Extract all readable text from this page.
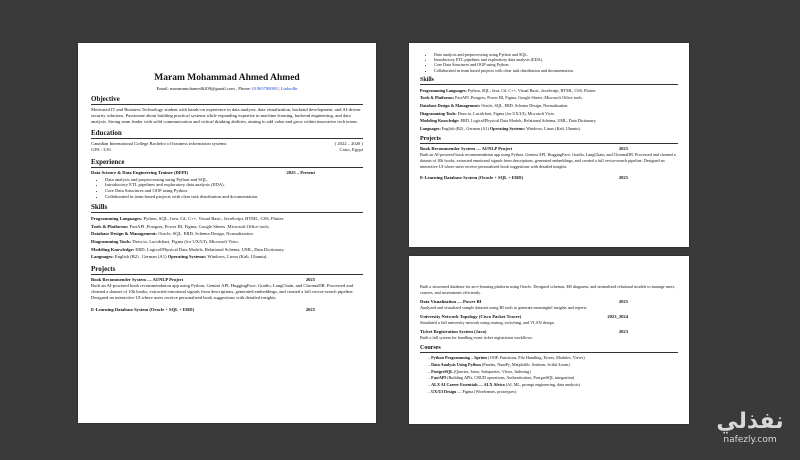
Maram Mohammad Ahmed Ahmed
Email: maramnnohamed6200@gmail.com , Phone: 01065788000 | LinkedIn
Objective
Motivated IT and Business Technology student with hands-on experience in data analysis, data visualization, backend development, and AI-driven security solutions. Passionate about building practical systems while expanding expertise in machine learning, backend engineering, and data analysis. Strong team leader with solid communication and critical thinking abilities, aiming to add value and grow within innovative tech teams.
Education
Canadian International College Bachelor of business information systems	( 2022 – 2026 )
GPA : 3.81	Cairo, Egypt
Experience
Data Science & Data Engineering Trainee (DEPI)	2025 – Present
• Data analysis and preprocessing using Python and SQL.
• Introductory ETL pipelines and exploratory data analysis (EDA).
• Core Data Structures and OOP using Python.
• Collaborated in team based projects with clear task distribution and documentation.
Skills
Programming Languages: Python, SQL, Java, C#, C++, Visual Basic, JavaScript, HTML, CSS, Flutter.
Tools & Platforms: FastAPI ,Postgres, Power BI, Figma, Google Sheets ,Microsoft Office tools.
Database Design & Management: Oracle, SQL, ERD, Schema Design, Normalization.
Diagramming Tools: Draw.io, Lucidchart, Figma (for UX/UI), Microsoft Visio.
Modeling Knowledge: ERD, Logical/Physical Data Models, Relational Schema, UML, Data Dictionary.
Languages: English (B2) , German (A1) Operating Systems: Windows, Linux (Kali, Ubuntu).
Projects
Book Recommender System — AI/NLP Project	2025
Built an AI-powered book recommendation app using Python, Gemini API, HuggingFace, Gradio, LangChain, and ChromaDB. Processed and cleaned a dataset of 10k books, extracted emotional signals from descriptions, generated embeddings, and created a full vector-search pipeline. Designed an interactive UI where users receive personalized book suggestions with detailed insights.
E-Learning Database System (Oracle + SQL + ERD)	2025
• Data analysis and preprocessing using Python and SQL.
• Introductory ETL pipelines and exploratory data analysis (EDA).
• Core Data Structures and OOP using Python.
• Collaborated in team based projects with clear task distribution and documentation.
Skills
Programming Languages: Python, SQL, Java, C#, C++, Visual Basic, JavaScript, HTML, CSS, Flutter.
Tools & Platforms: FastAPI ,Postgres, Power BI, Figma, Google Sheets ,Microsoft Office tools.
Database Design & Management: Oracle, SQL, ERD, Schema Design, Normalization.
Diagramming Tools: Draw.io, Lucidchart, Figma (for UX/UI), Microsoft Visio.
Modeling Knowledge: ERD, Logical/Physical Data Models, Relational Schema, UML, Data Dictionary.
Languages: English (B2) , German (A1) Operating Systems: Windows, Linux (Kali, Ubuntu).
Projects
Book Recommender System — AI/NLP Project	2025
Built an AI-powered book recommendation app using Python, Gemini API, HuggingFace, Gradio, LangChain, and ChromaDB. Processed and cleaned a dataset of 10k books, extracted emotional signals from descriptions, generated embeddings, and created a full vector-search pipeline. Designed an interactive UI where users receive personalized book suggestions with detailed insights.
E-Learning Database System (Oracle + SQL + ERD)	2025
Built a structured database for an e-learning platform using Oracle. Designed schemas, ER diagrams, and normalized relational models to manage users, courses, and assessments efficiently.
Data Visualization — Power BI	2025
Analyzed and visualized sample datasets using BI tools to generate meaningful insights and reports.
University Network Topology (Cisco Packet Tracer)	2023_2024
Simulated a full university network using routing, switching, and VLAN design.
Ticket Registration System (Java)	2023
Built a full system for handling event ticket registration workflows.
Courses
– Python Programming – Sprints (OOP, Functions, File Handling, Errors, Modules, Views)
– Data Analysis Using Python (Pandas, NumPy, Matplotlib, Seaborn, Scikit-Learn)
– PostgreSQL (Queries, Joins, Subqueries, Views, Indexing)
– FastAPI (Building APIs, CRUD operations, Authentication, PostgreSQL integration)
– ALX AI Career Essentials — ALX Africa (AI, ML, prompt engineering, data analysis)
– UX/UI Design — Figma (Wireframes, prototypes)
نفذلي
nafezly.com
